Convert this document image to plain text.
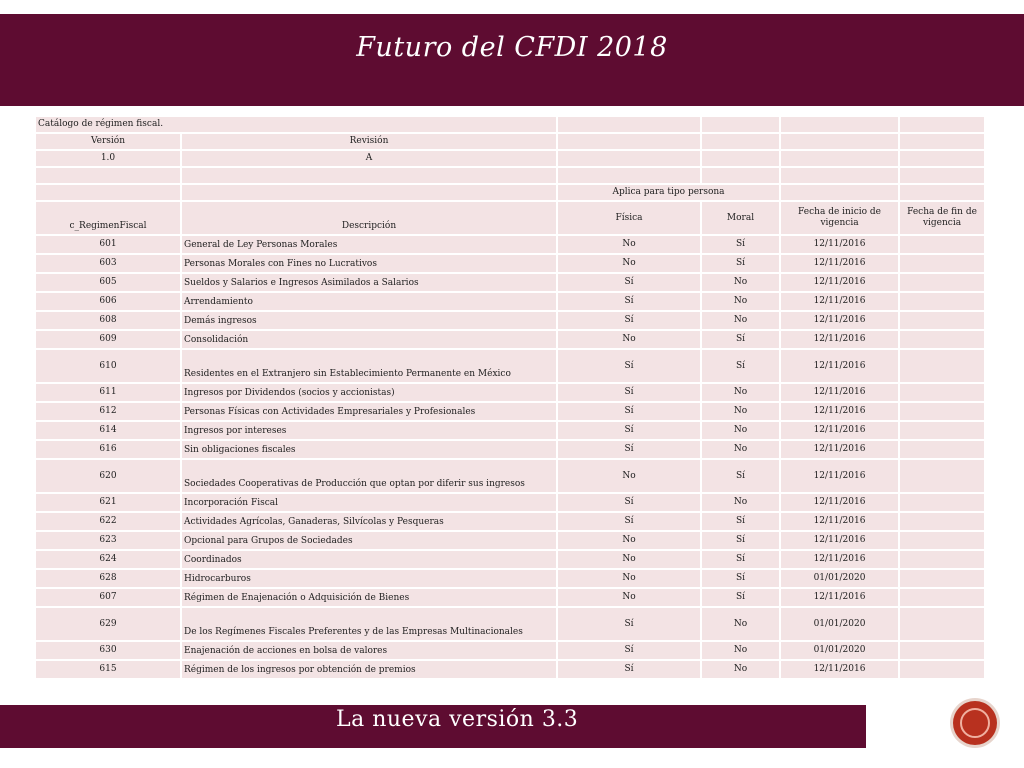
Futuro del CFDI 2018
Catálogo de régimen fiscal.					
Versión	Revisión				
1.0	A				

		Aplica para tipo persona			
c_RegimenFiscal	Descripción	Física	Moral	Fecha de inicio de vigencia	Fecha de fin de vigencia
601	General de Ley Personas Morales	No	Sí	12/11/2016	
603	Personas Morales con Fines no Lucrativos	No	Sí	12/11/2016	
605	Sueldos y Salarios e Ingresos Asimilados a Salarios	Sí	No	12/11/2016	
606	Arrendamiento	Sí	No	12/11/2016	
608	Demás ingresos	Sí	No	12/11/2016	
609	Consolidación	No	Sí	12/11/2016	
610	Residentes en el Extranjero sin Establecimiento Permanente en México	Sí	Sí	12/11/2016	
611	Ingresos por Dividendos (socios y accionistas)	Sí	No	12/11/2016	
612	Personas Físicas con Actividades Empresariales y Profesionales	Sí	No	12/11/2016	
614	Ingresos por intereses	Sí	No	12/11/2016	
616	Sin obligaciones fiscales	Sí	No	12/11/2016	
620	Sociedades Cooperativas de Producción que optan por diferir sus ingresos	No	Sí	12/11/2016	
621	Incorporación Fiscal	Sí	No	12/11/2016	
622	Actividades Agrícolas, Ganaderas, Silvícolas y Pesqueras	Sí	Sí	12/11/2016	
623	Opcional para Grupos de Sociedades	No	Sí	12/11/2016	
624	Coordinados	No	Sí	12/11/2016	
628	Hidrocarburos	No	Sí	01/01/2020	
607	Régimen de Enajenación o Adquisición de Bienes	No	Sí	12/11/2016	
629	De los Regímenes Fiscales Preferentes y de las Empresas Multinacionales	Sí	No	01/01/2020	
630	Enajenación de acciones en bolsa de valores	Sí	No	01/01/2020	
615	Régimen de los ingresos por obtención de premios	Sí	No	12/11/2016	
La nueva versión 3.3
